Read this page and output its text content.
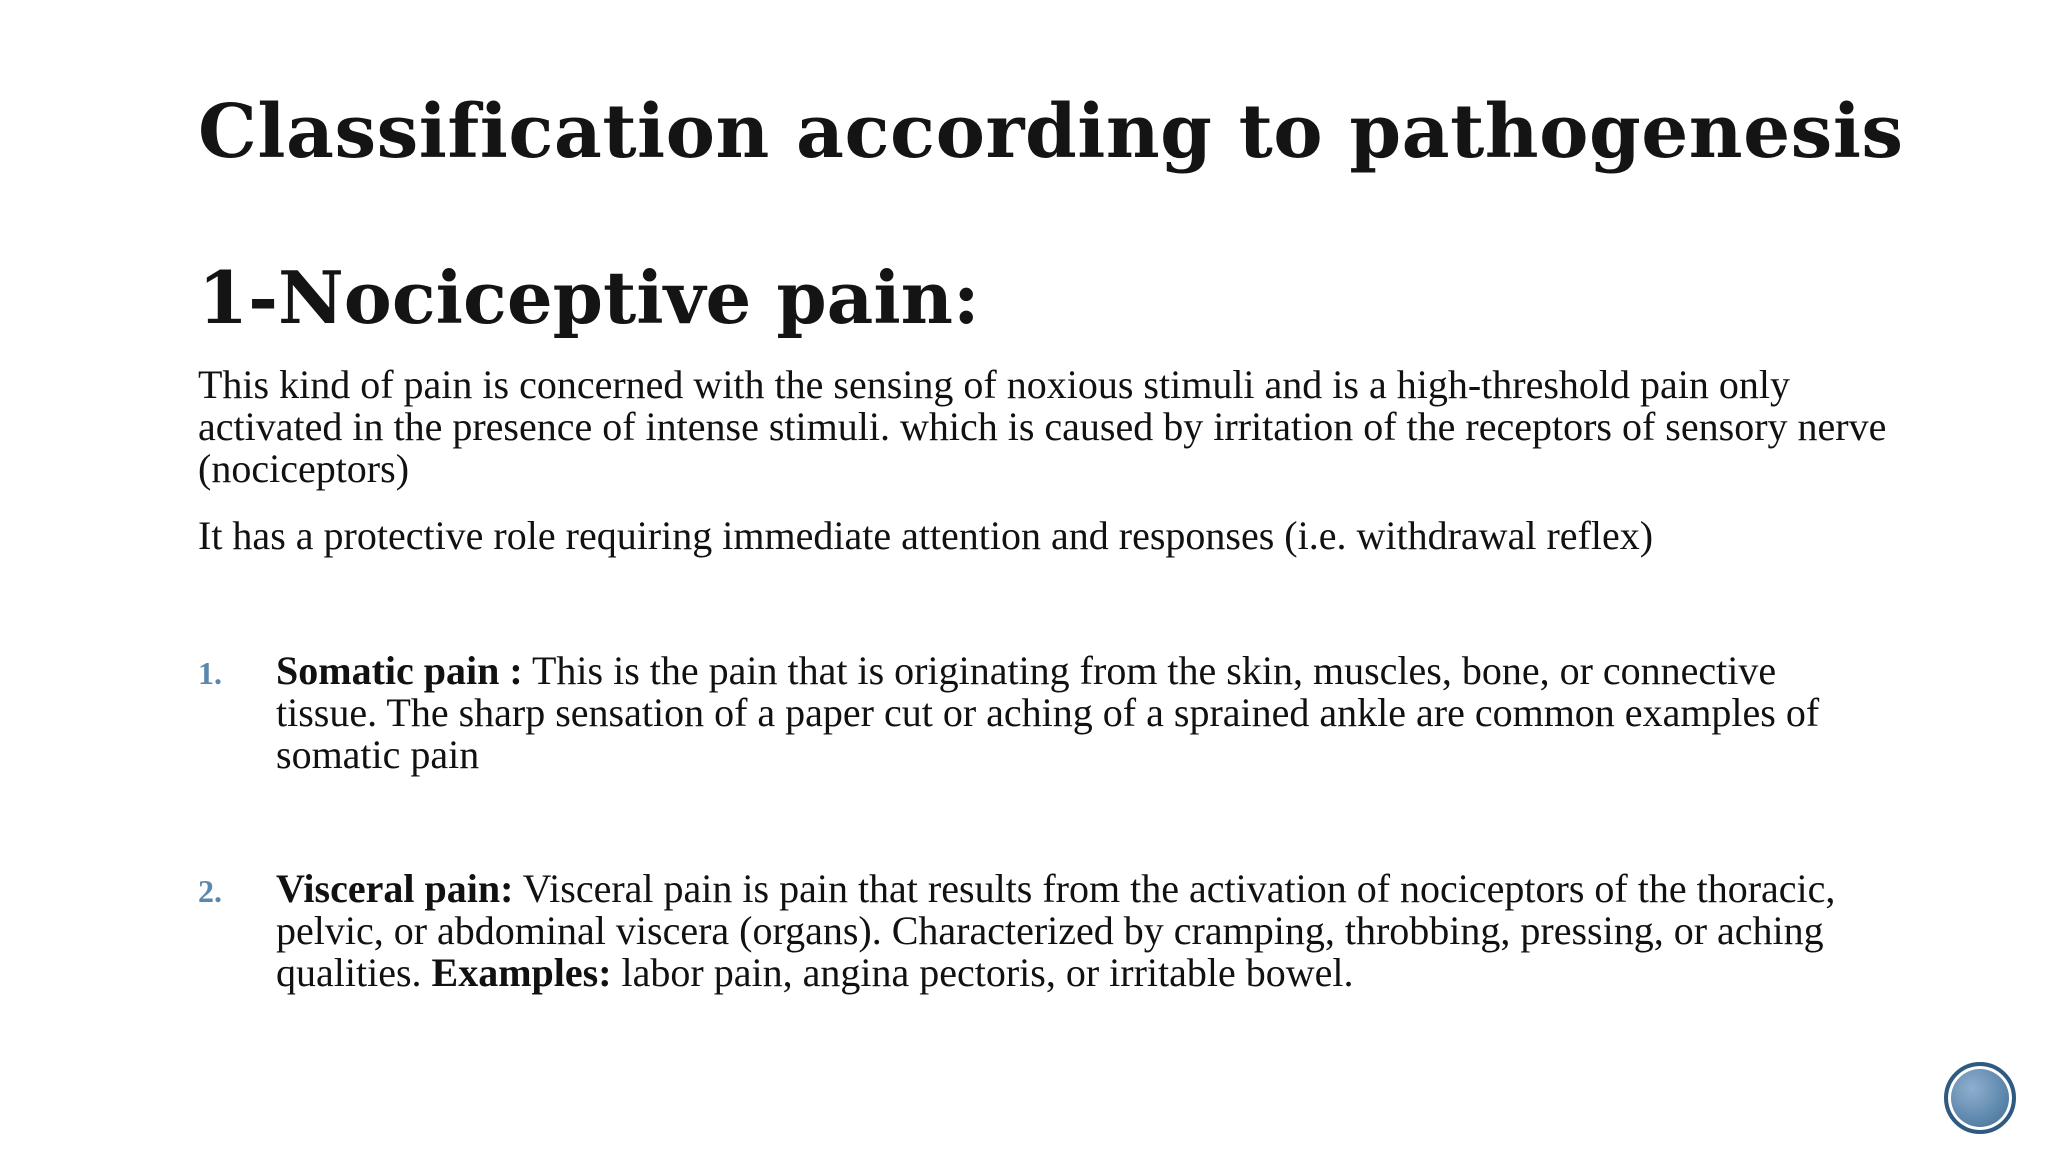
Classification according to pathogenesis
1-Nociceptive pain:

This kind of pain is concerned with the sensing of noxious stimuli and is a high-threshold pain only activated in the presence of intense stimuli. which is caused by irritation of the receptors of sensory nerve (nociceptors)

It has a protective role requiring immediate attention and responses (i.e. withdrawal reflex)

1. Somatic pain : This is the pain that is originating from the skin, muscles, bone, or connective tissue. The sharp sensation of a paper cut or aching of a sprained ankle are common examples of somatic pain

2. Visceral pain: Visceral pain is pain that results from the activation of nociceptors of the thoracic, pelvic, or abdominal viscera (organs). Characterized by cramping, throbbing, pressing, or aching qualities. Examples: labor pain, angina pectoris, or irritable bowel.
